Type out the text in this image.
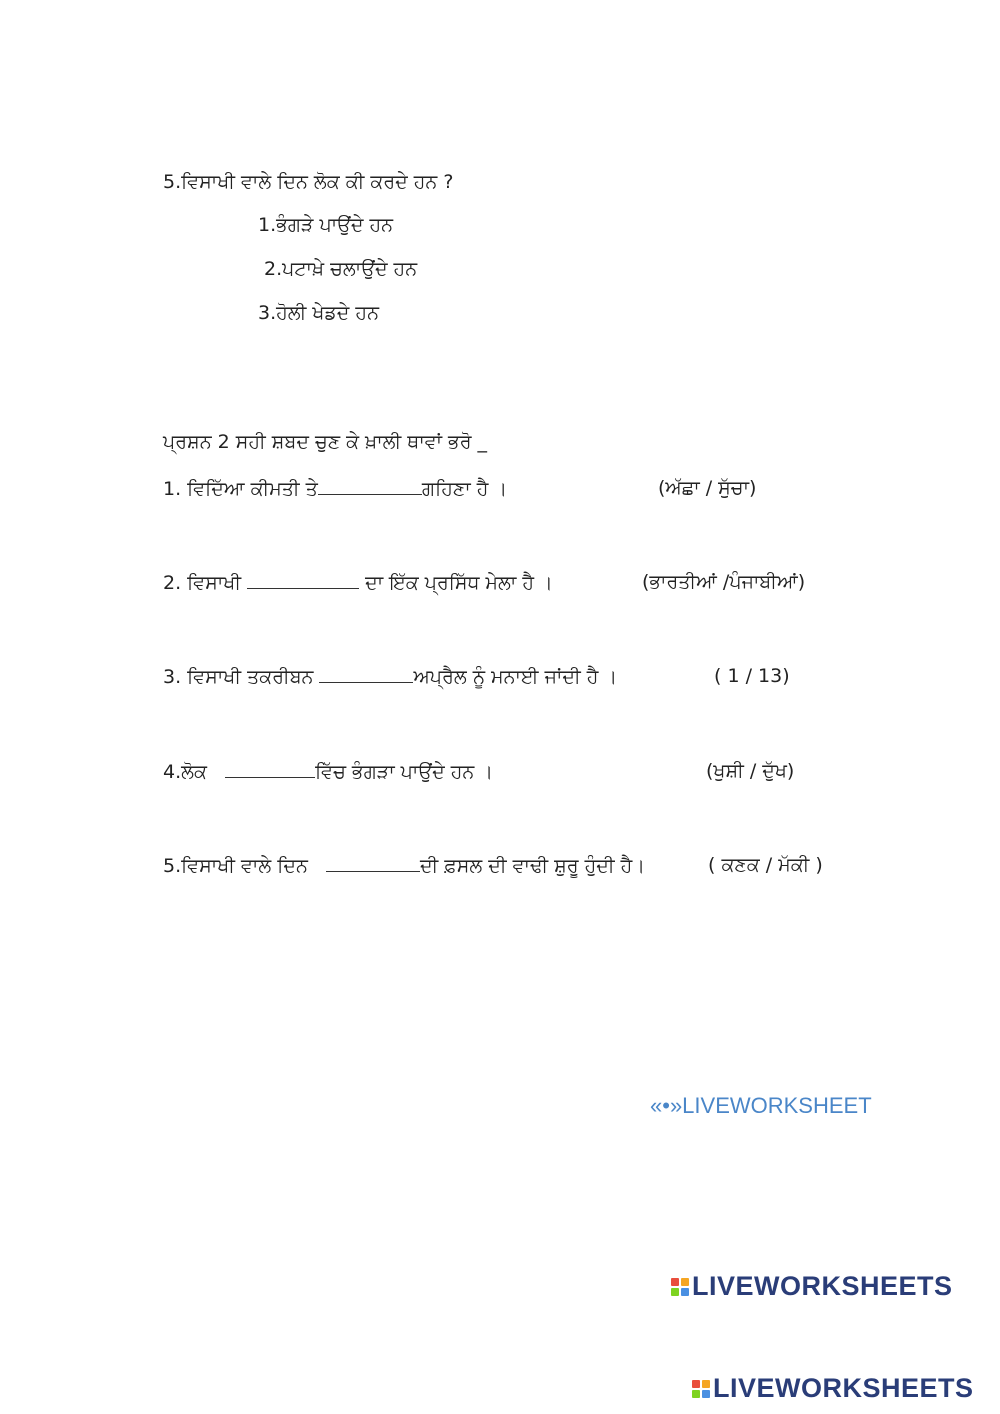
5.ਵਿਸਾਖੀ ਵਾਲੇ ਦਿਨ ਲੋਕ ਕੀ ਕਰਦੇ ਹਨ ?
1.ਭੰਗੜੇ ਪਾਉਂਦੇ ਹਨ
2.ਪਟਾਖ਼ੇ ਚਲਾਉਂਦੇ ਹਨ
3.ਹੋਲੀ ਖੇਡਦੇ ਹਨ
ਪ੍ਰਸ਼ਨ 2 ਸਹੀ ਸ਼ਬਦ ਚੁਣ ਕੇ ਖ਼ਾਲੀ ਥਾਵਾਂ ਭਰੋ _
1. ਵਿਦਿੱਆ ਕੀਮਤੀ ਤੇ	ਗਹਿਣਾ ਹੈ ।	(ਅੱਛਾ / ਸੁੱਚਾ)
2. ਵਿਸਾਖੀ	ਦਾ ਇੱਕ ਪ੍ਰਸਿੱਧ ਮੇਲਾ ਹੈ ।	(ਭਾਰਤੀਆਂ /ਪੰਜਾਬੀਆਂ)
3. ਵਿਸਾਖੀ ਤਕਰੀਬਨ	ਅਪ੍ਰੈਲ ਨੂੰ ਮਨਾਈ ਜਾਂਦੀ ਹੈ ।	( 1 / 13)
4.ਲੋਕ	ਵਿੱਚ ਭੰਗੜਾ ਪਾਉਂਦੇ ਹਨ ।	(ਖੁਸ਼ੀ / ਦੁੱਖ)
5.ਵਿਸਾਖੀ ਵਾਲੇ ਦਿਨ	ਦੀ ਫ਼ਸਲ ਦੀ ਵਾਢੀ ਸ਼ੁਰੂ ਹੁੰਦੀ ਹੈ।	( ਕਣਕ / ਮੱਕੀ )
«•»LIVEWORKSHEET
LIVEWORKSHEETS
LIVEWORKSHEETS
